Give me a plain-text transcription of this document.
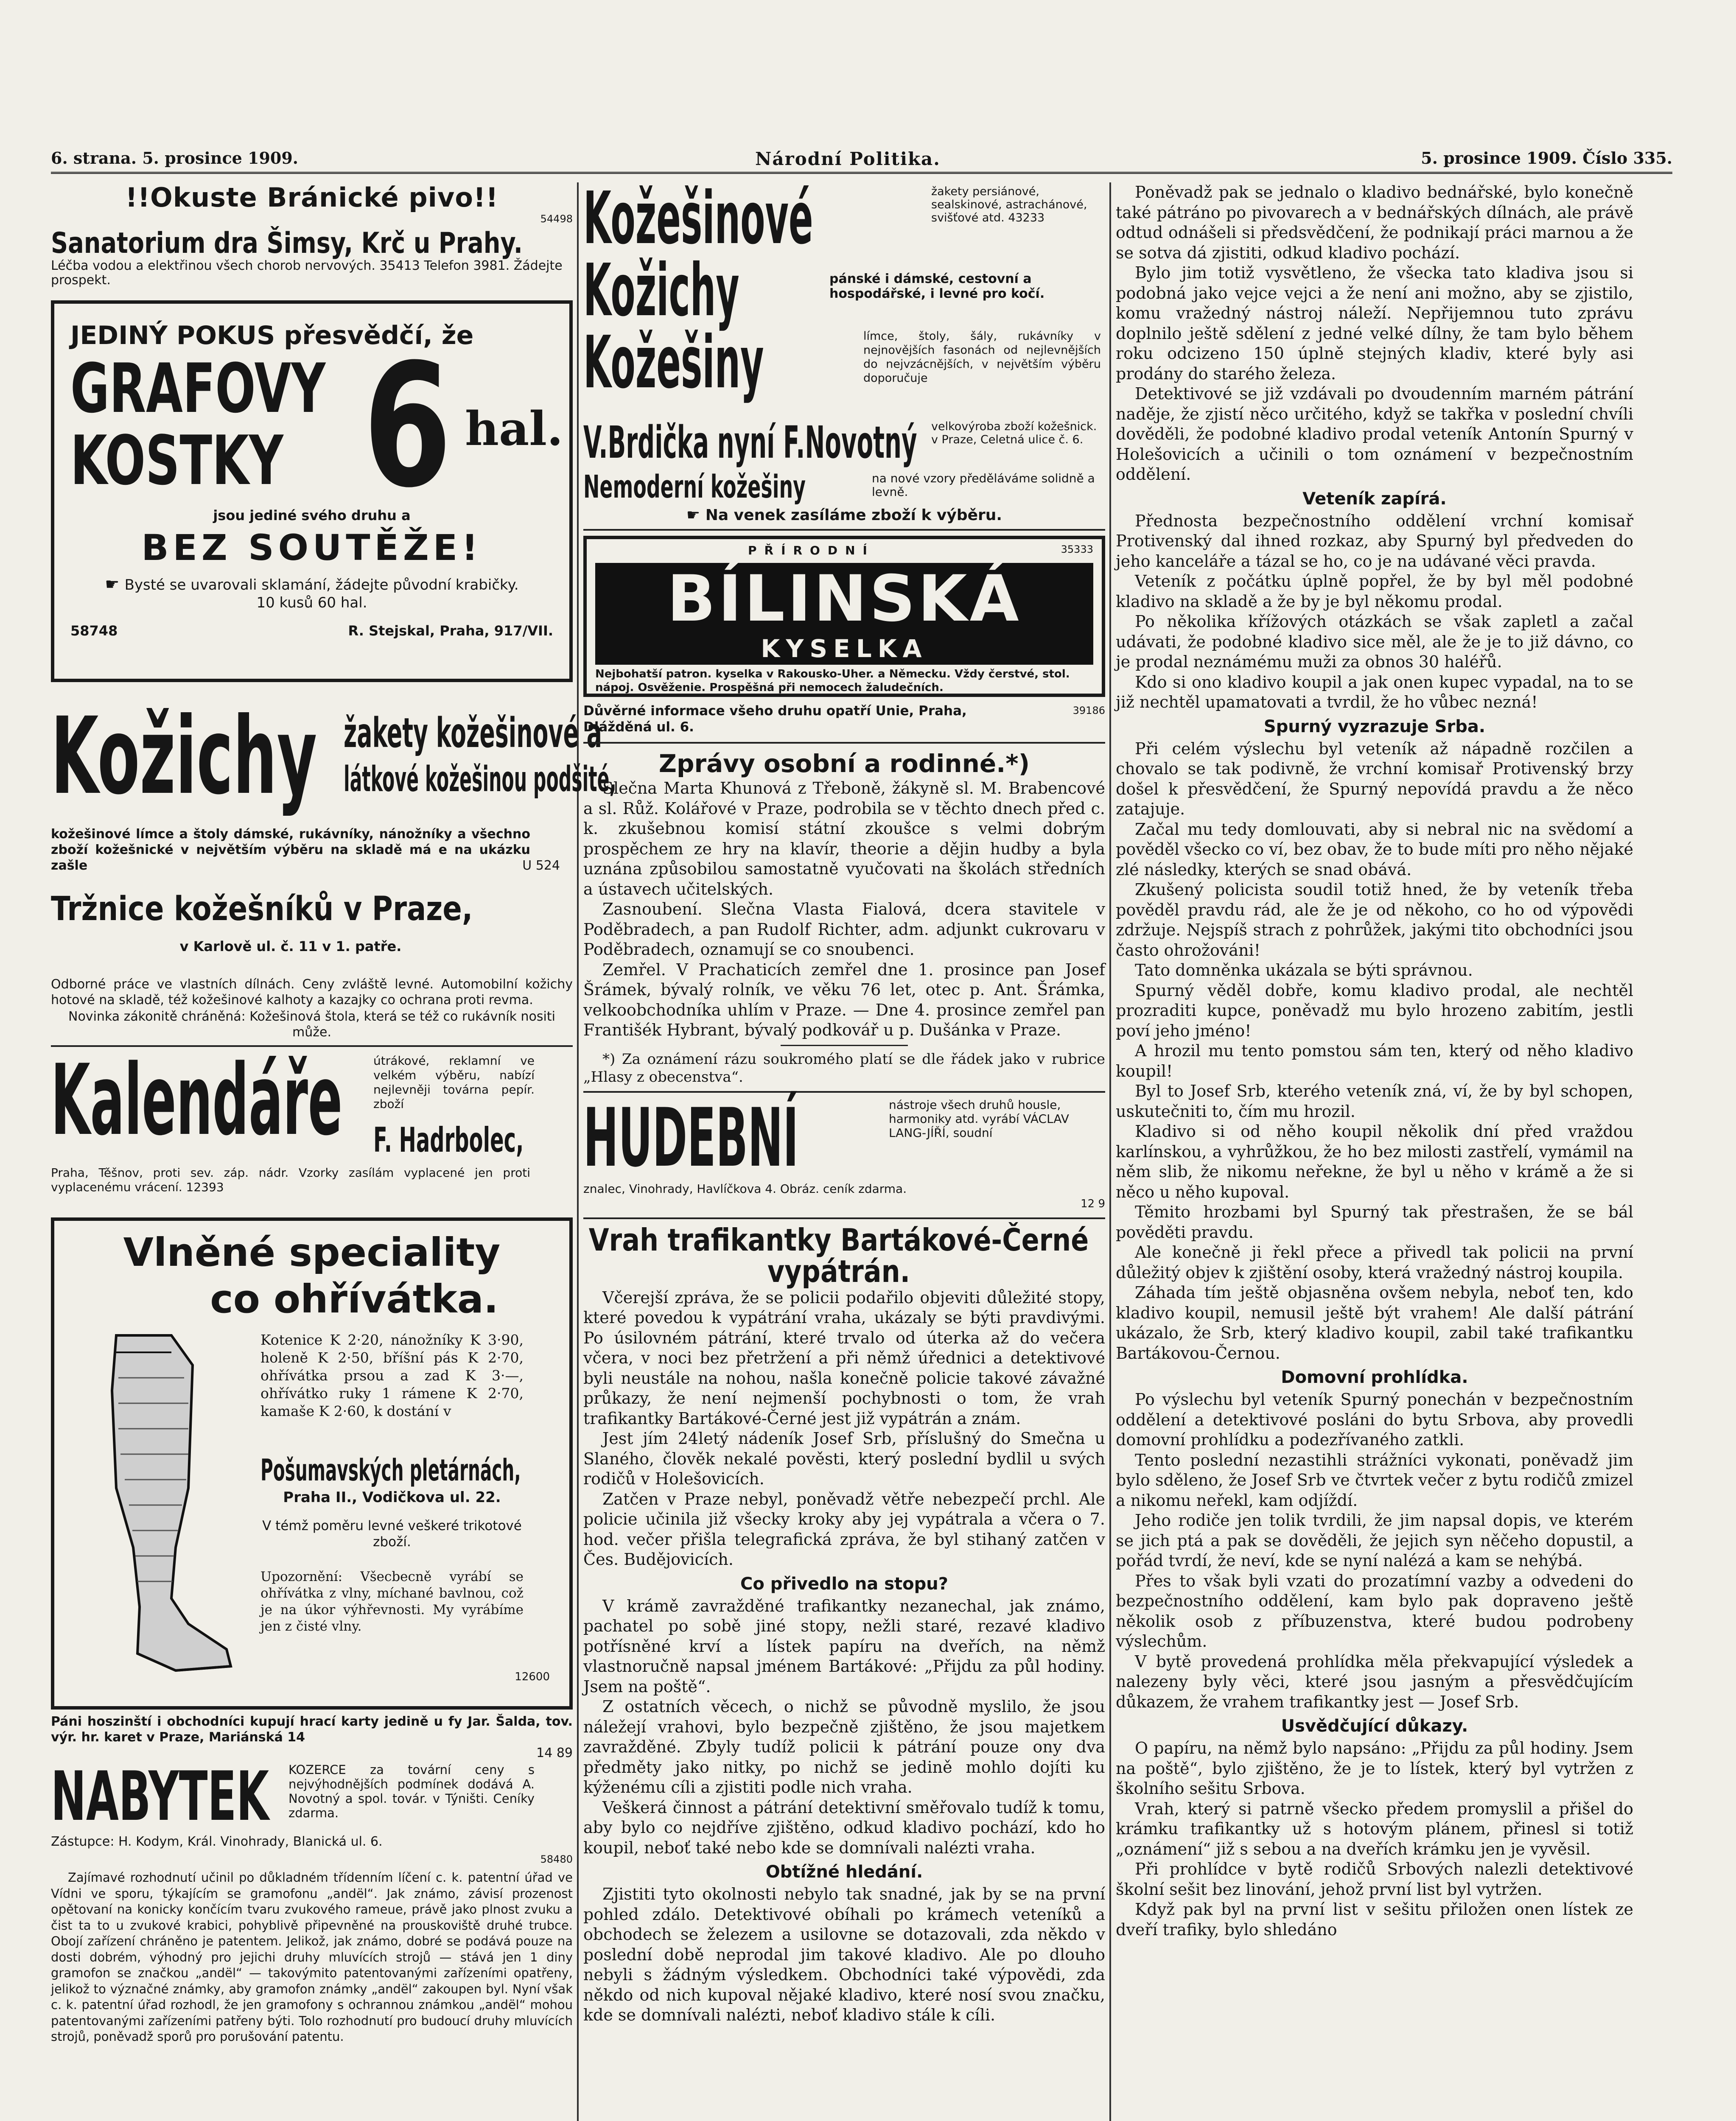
6. strana. 5. prosince 1909.	Národní Politika.	5. prosince 1909. Číslo 335.
!!Okuste Bránické pivo!!
54498
Sanatorium dra Šimsy, Krč u Prahy.
Léčba vodou a elektřinou všech chorob nervových. 35413 Telefon 3981. Žádejte prospekt.
JEDINÝ POKUS přesvědčí, že
GRAFOVY
KOSTKY 6 hal.
jsou jediné svého druhu a
BEZ SOUTĚŽE!
☛ Bysté se uvarovali sklamání, žádejte původní krabičky. 10 kusů 60 hal.
58748	R. Stejskal, Praha, 917/VII.
Kožichy žakety kožešinové a
látkové kožešinou podšité,
kožešinové límce a štoly dámské, rukávníky, nánožníky a všechno zboží kožešnické v největším výběru na skladě má e na ukázku zašle	U 524
Tržnice kožešníků v Praze,
v Karlově ul. č. 11 v 1. patře.
Odborné práce ve vlastních dílnách. Ceny zvláště levné. Automobilní kožichy hotové na skladě, též kožešinové kalhoty a kazajky co ochrana proti revma.
Novinka zákonitě chráněná: Kožešinová štola, která se též co rukávník nositi může.
Kalendáře	útrákové, reklamní ve velkém výběru, nabízí nejlevněji továrna pepír. zboží
F. Hadrbolec,
Praha, Těšnov, proti sev. záp. nádr. Vzorky zasílám vyplacené jen proti vyplacenému vrácení. 12393
Vlněné speciality
co ohřívátka.
Kotenice K 2·20, nánožníky K 3·90, holeně K 2·50, bříšní pás K 2·70, ohřívátka prsou a zad K 3·—, ohřívátko ruky 1 rámene K 2·70, kamaše K 2·60, k dostání v
Pošumavských pletárnách,
Praha II., Vodičkova ul. 22.
V témž poměru levné veškeré trikotové zboží.
Upozornění: Všecbecně vyrábí se ohřívátka z vlny, míchané bavlnou, což je na úkor výhřevnosti. My vyrábíme jen z čisté vlny.
12600
Páni hoszinští i obchodníci kupují hrací karty jedině u fy Jar. Šalda, tov. výr. hr. karet v Praze, Mariánská 14
14 89
NABYTEK	KOZERCE za tovární ceny s nejvýhodnějších podmínek dodává A. Novotný a spol. továr. v Týništi. Ceníky zdarma.
Zástupce: H. Kodym, Král. Vinohrady, Blanická ul. 6.
58480
Zajímavé rozhodnutí učinil po důkladném třídenním líčení c. k. patentní úřad ve Vídni ve sporu, týkajícím se gramofonu „andël“. Jak známo, závisí prozenost opětovaní na konicky končícím tvaru zvukového rameue, právě jako plnost zvuku a čist ta to u zvukové krabici, pohyblivě připevněné na prouskoviště druhé trubce. Obojí zařízení chráněno je patentem. Jelikož, jak známo, dobré se podává pouze na dosti dobrém, výhodný pro jejichi druhy mluvících strojů — stává jen 1 diny gramofon se značkou „andël“ — takovýmito patentovanými zařízeními opatřeny, jelikož to význačné známky, aby gramofon známky „andël“ zakoupen byl. Nyní však c. k. patentní úřad rozhodl, že jen gramofony s ochrannou známkou „andël“ mohou patentovanými zařízeními patřeny býti. Tolo rozhodnutí pro budoucí druhy mluvících strojů, poněvadž sporů pro porušování patentu.
Kožešinové	žakety persiánové, sealskinové, astrachánové, svišťové atd. 43233
Kožichy	pánské i dámské, cestovní a hospodářské, i levné pro kočí.
Kožešiny	límce, štoly, šály, rukávníky v nejnovějších fasonách od nejlevnějších do nejvzácnějších, v největším výběru doporučuje
V.Brdička nyní F.Novotný	velkovýroba zboží kožešnick. v Praze, Celetná ulice č. 6.
Nemoderní kožešiny	na nové vzory předěláváme solidně a levně.
☛ Na venek zasíláme zboží k výběru.
PŘÍRODNÍ	35333
BÍLINSKÁ
KYSELKA
Nejbohatší patron. kyselka v Rakousko-Uher. a Německu. Vždy čerstvé, stol. nápoj. Osvěženie. Prospěšná při nemocech žaludečních.
Důvěrné informace všeho druhu opatří Unie, Praha, Dlážděná ul. 6.
39186
Zprávy osobní a rodinné.*)
Slečna Marta Khunová z Třeboně, žákyně sl. M. Brabencové a sl. Růž. Kolářové v Praze, podrobila se v těchto dnech před c. k. zkušebnou komisí státní zkoušce s velmi dobrým prospěchem ze hry na klavír, theorie a dějin hudby a byla uznána způsobilou samostatně vyučovati na školách středních a ústavech učitelských.
Zasnoubení. Slečna Vlasta Fialová, dcera stavitele v Poděbradech, a pan Rudolf Richter, adm. adjunkt cukrovaru v Poděbradech, oznamují se co snoubenci.
Zemřel. V Prachaticích zemřel dne 1. prosince pan Josef Šrámek, bývalý rolník, ve věku 76 let, otec p. Ant. Šrámka, velkoobchodníka uhlím v Praze. — Dne 4. prosince zemřel pan Františék Hybrant, bývalý podkovář u p. Dušánka v Praze.
*) Za oznámení rázu soukromého platí se dle řádek jako v rubrice „Hlasy z obecenstva“.
HUDEBNÍ	nástroje všech druhů housle, harmoniky atd. vyrábí VÁCLAV LANG-JÍŘÍ, soudní
znalec, Vinohrady, Havlíčkova 4. Obráz. ceník zdarma.
12 9
Vrah trafikantky Bartákové-Černé vypátrán.
Včerejší zpráva, že se policii podařilo objeviti důležité stopy, které povedou k vypátrání vraha, ukázaly se býti pravdivými. Po úsilovném pátrání, které trvalo od úterka až do večera včera, v noci bez přetržení a při němž úřednici a detektivové byli neustále na nohou, našla konečně policie takové závažné průkazy, že není nejmenší pochybnosti o tom, že vrah trafikantky Bartákové-Černé jest již vypátrán a znám.
Jest jím 24letý nádeník Josef Srb, příslušný do Smečna u Slaného, člověk nekalé pověsti, který poslední bydlil u svých rodičů v Holešovicích.
Zatčen v Praze nebyl, poněvadž větře nebezpečí prchl. Ale policie učinila již všecky kroky aby jej vypátrala a včera o 7. hod. večer přišla telegrafická zpráva, že byl stihaný zatčen v Čes. Budějovicích.
Co přivedlo na stopu?
V krámě zavražděné trafikantky nezanechal, jak známo, pachatel po sobě jiné stopy, nežli staré, rezavé kladivo potřísněné krví a lístek papíru na dveřích, na němž vlastnoručně napsal jménem Bartákové: „Přijdu za půl hodiny. Jsem na poště“.
Z ostatních věcech, o nichž se původně myslilo, že jsou náležejí vrahovi, bylo bezpečně zjištěno, že jsou majetkem zavražděné. Zbyly tudíž policii k pátrání pouze ony dva předměty jako nitky, po nichž se jedině mohlo dojíti ku kýženému cíli a zjistiti podle nich vraha.
Veškerá činnost a pátrání detektivní směřovalo tudíž k tomu, aby bylo co nejdříve zjištěno, odkud kladivo pochází, kdo ho koupil, neboť také nebo kde se domnívali nalézti vraha.
Obtížné hledání.
Zjistiti tyto okolnosti nebylo tak snadné, jak by se na první pohled zdálo. Detektivové obíhali po krámech veteníků a obchodech se železem a usilovne se dotazovali, zda někdo v poslední době neprodal jim takové kladivo. Ale po dlouho nebyli s žádným výsledkem. Obchodníci také výpovědi, zda někdo od nich kupoval nějaké kladivo, které nosí svou značku, kde se domnívali nalézti, neboť kladivo stále k cíli.
Poněvadž pak se jednalo o kladivo bednářské, bylo konečně také pátráno po pivovarech a v bednářských dílnách, ale právě odtud odnášeli si předsvědčení, že podnikají práci marnou a že se sotva dá zjistiti, odkud kladivo pochází.
Bylo jim totiž vysvětleno, že všecka tato kladiva jsou si podobná jako vejce vejci a že není ani možno, aby se zjistilo, komu vražedný nástroj náleží. Nepřijemnou tuto zprávu doplnilo ještě sdělení z jedné velké dílny, že tam bylo během roku odcizeno 150 úplně stejných kladiv, které byly asi prodány do starého železa.
Detektivové se již vzdávali po dvoudenním marném pátrání naděje, že zjistí něco určitého, když se takřka v poslední chvíli dověděli, že podobné kladivo prodal veteník Antonín Spurný v Holešovicích a učinili o tom oznámení v bezpečnostním oddělení.
Veteník zapírá.
Přednosta bezpečnostního oddělení vrchní komisař Protivenský dal ihned rozkaz, aby Spurný byl předveden do jeho kanceláře a tázal se ho, co je na udávané věci pravda.
Veteník z počátku úplně popřel, že by byl měl podobné kladivo na skladě a že by je byl někomu prodal.
Po několika křížových otázkách se však zapletl a začal udávati, že podobné kladivo sice měl, ale že je to již dávno, co je prodal neznámému muži za obnos 30 haléřů.
Kdo si ono kladivo koupil a jak onen kupec vypadal, na to se již nechtěl upamatovati a tvrdil, že ho vůbec nezná!
Spurný vyzrazuje Srba.
Při celém výslechu byl veteník až nápadně rozčilen a chovalo se tak podivně, že vrchní komisař Protivenský brzy došel k přesvědčení, že Spurný nepovídá pravdu a že něco zatajuje.
Začal mu tedy domlouvati, aby si nebral nic na svědomí a pověděl všecko co ví, bez obav, že to bude míti pro něho nějaké zlé následky, kterých se snad obává.
Zkušený policista soudil totiž hned, že by veteník třeba pověděl pravdu rád, ale že je od někoho, co ho od výpovědi zdržuje. Nejspíš strach z pohrůžek, jakými tito obchodníci jsou často ohrožováni!
Tato domněnka ukázala se býti správnou.
Spurný věděl dobře, komu kladivo prodal, ale nechtěl prozraditi kupce, poněvadž mu bylo hrozeno zabitím, jestli poví jeho jméno!
A hrozil mu tento pomstou sám ten, který od něho kladivo koupil!
Byl to Josef Srb, kterého veteník zná, ví, že by byl schopen, uskutečniti to, čím mu hrozil.
Kladivo si od něho koupil několik dní před vraždou karlínskou, a vyhrůžkou, že ho bez milosti zastřelí, vymámil na něm slib, že nikomu neřekne, že byl u něho v krámě a že si něco u něho kupoval.
Těmito hrozbami byl Spurný tak přestrašen, že se bál pověděti pravdu.
Ale konečně ji řekl přece a přivedl tak policii na první důležitý objev k zjištění osoby, která vražedný nástroj koupila.
Záhada tím ještě objasněna ovšem nebyla, neboť ten, kdo kladivo koupil, nemusil ještě být vrahem! Ale další pátrání ukázalo, že Srb, který kladivo koupil, zabil také trafikantku Bartákovou-Černou.
Domovní prohlídka.
Po výslechu byl veteník Spurný ponechán v bezpečnostním oddělení a detektivové posláni do bytu Srbova, aby provedli domovní prohlídku a podezřívaného zatkli.
Tento poslední nezastihli strážníci vykonati, poněvadž jim bylo sděleno, že Josef Srb ve čtvrtek večer z bytu rodičů zmizel a nikomu neřekl, kam odjíždí.
Jeho rodiče jen tolik tvrdili, že jim napsal dopis, ve kterém se jich ptá a pak se dověděli, že jejich syn něčeho dopustil, a pořád tvrdí, že neví, kde se nyní nalézá a kam se nehýbá.
Přes to však byli vzati do prozatímní vazby a odvedeni do bezpečnostního oddělení, kam bylo pak dopraveno ještě několik osob z příbuzenstva, které budou podrobeny výslechům.
V bytě provedená prohlídka měla překvapující výsledek a nalezeny byly věci, které jsou jasným a přesvědčujícím důkazem, že vrahem trafikantky jest — Josef Srb.
Usvědčující důkazy.
O papíru, na němž bylo napsáno: „Přijdu za půl hodiny. Jsem na poště“, bylo zjištěno, že je to lístek, který byl vytržen z školního sešitu Srbova.
Vrah, který si patrně všecko předem promyslil a přišel do krámku trafikantky už s hotovým plánem, přinesl si totiž „oznámení“ již s sebou a na dveřích krámku jen je vyvěsil.
Při prohlídce v bytě rodičů Srbových nalezli detektivové školní sešit bez linování, jehož první list byl vytržen.
Když pak byl na první list v sešitu přiložen onen lístek ze dveří trafiky, bylo shledáno
